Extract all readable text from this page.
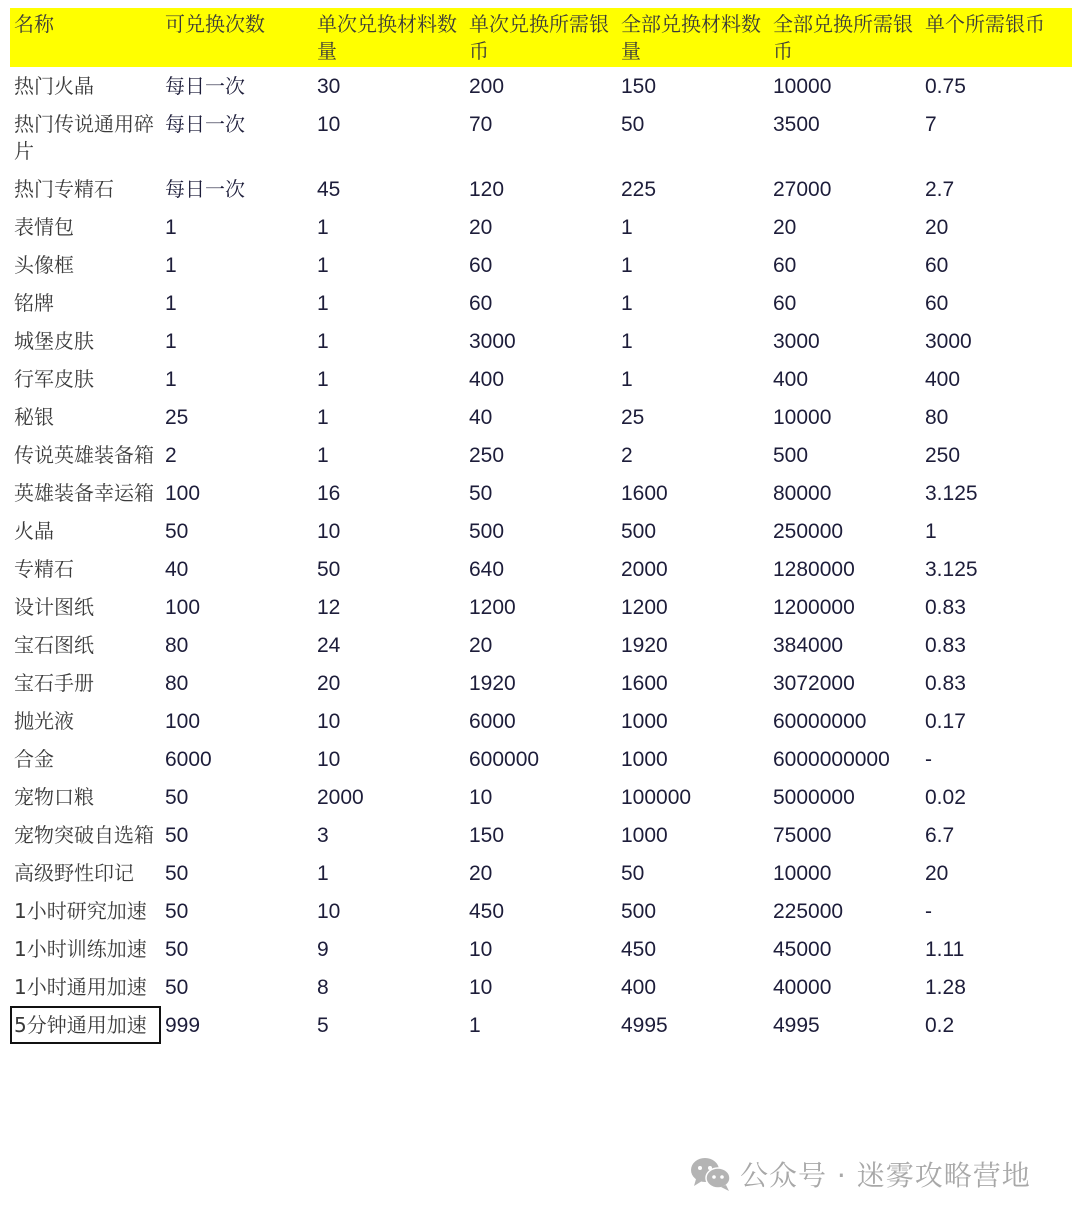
名称	可兑换次数	单次兑换材料数量	单次兑换所需银币	全部兑换材料数量	全部兑换所需银币	单个所需银币
热门火晶	每日一次	30	200	150	10000	0.75
热门传说通用碎片	每日一次	10	70	50	3500	7
热门专精石	每日一次	45	120	225	27000	2.7
表情包	1	1	20	1	20	20
头像框	1	1	60	1	60	60
铭牌	1	1	60	1	60	60
城堡皮肤	1	1	3000	1	3000	3000
行军皮肤	1	1	400	1	400	400
秘银	25	1	40	25	10000	80
传说英雄装备箱	2	1	250	2	500	250
英雄装备幸运箱	100	16	50	1600	80000	3.125
火晶	50	10	500	500	250000	1
专精石	40	50	640	2000	1280000	3.125
设计图纸	100	12	1200	1200	1200000	0.83
宝石图纸	80	24	20	1920	384000	0.83
宝石手册	80	20	1920	1600	3072000	0.83
抛光液	100	10	6000	1000	60000000	0.17
合金	6000	10	600000	1000	6000000000	-
宠物口粮	50	2000	10	100000	5000000	0.02
宠物突破自选箱	50	3	150	1000	75000	6.7
高级野性印记	50	1	20	50	10000	20
1小时研究加速	50	10	450	500	225000	-
1小时训练加速	50	9	10	450	45000	1.11
1小时通用加速	50	8	10	400	40000	1.28
5分钟通用加速	999	5	1	4995	4995	0.2
公众号 · 迷雾攻略营地
